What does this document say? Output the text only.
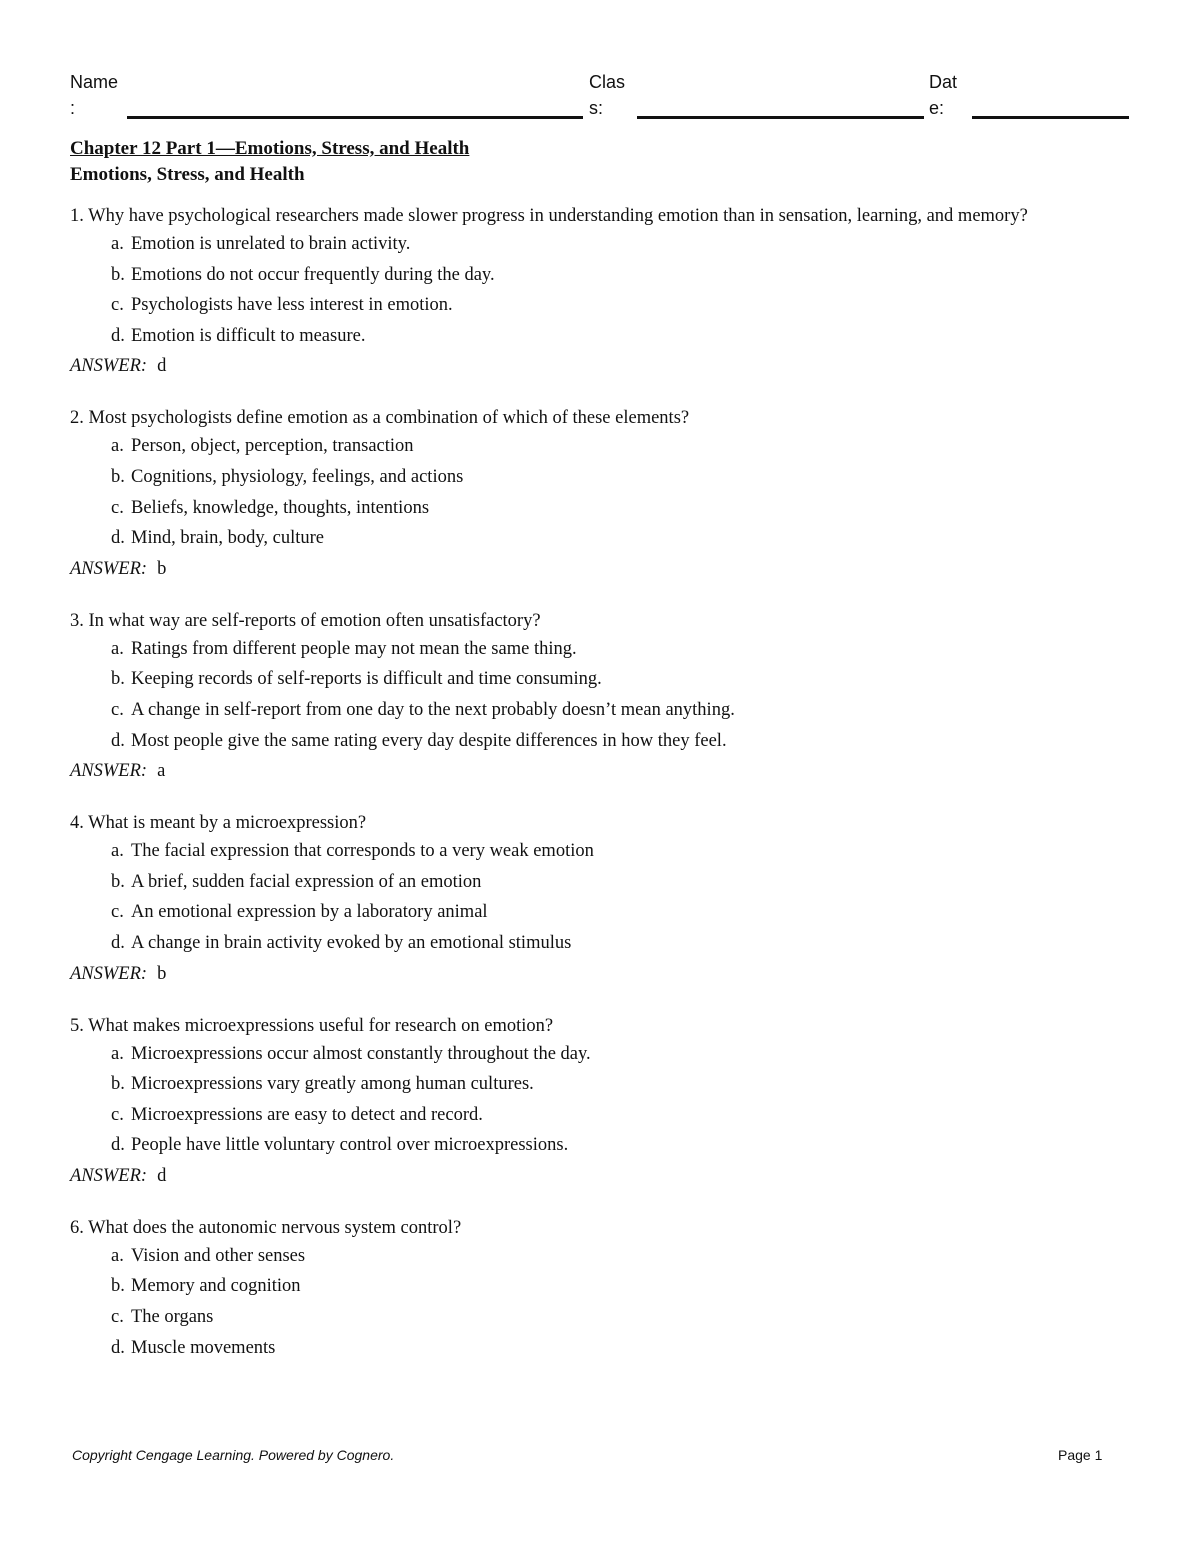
Name
:
Clas
s:
Dat
e:
Chapter 12 Part 1—Emotions, Stress, and Health
Emotions, Stress, and Health
1. Why have psychological researchers made slower progress in understanding emotion than in sensation, learning, and memory?
a. Emotion is unrelated to brain activity.
b. Emotions do not occur frequently during the day.
c. Psychologists have less interest in emotion.
d. Emotion is difficult to measure.
ANSWER: d
2. Most psychologists define emotion as a combination of which of these elements?
a. Person, object, perception, transaction
b. Cognitions, physiology, feelings, and actions
c. Beliefs, knowledge, thoughts, intentions
d. Mind, brain, body, culture
ANSWER: b
3. In what way are self-reports of emotion often unsatisfactory?
a. Ratings from different people may not mean the same thing.
b. Keeping records of self-reports is difficult and time consuming.
c. A change in self-report from one day to the next probably doesn’t mean anything.
d. Most people give the same rating every day despite differences in how they feel.
ANSWER: a
4. What is meant by a microexpression?
a. The facial expression that corresponds to a very weak emotion
b. A brief, sudden facial expression of an emotion
c. An emotional expression by a laboratory animal
d. A change in brain activity evoked by an emotional stimulus
ANSWER: b
5. What makes microexpressions useful for research on emotion?
a. Microexpressions occur almost constantly throughout the day.
b. Microexpressions vary greatly among human cultures.
c. Microexpressions are easy to detect and record.
d. People have little voluntary control over microexpressions.
ANSWER: d
6. What does the autonomic nervous system control?
a. Vision and other senses
b. Memory and cognition
c. The organs
d. Muscle movements
Copyright Cengage Learning. Powered by Cognero.	Page 1
